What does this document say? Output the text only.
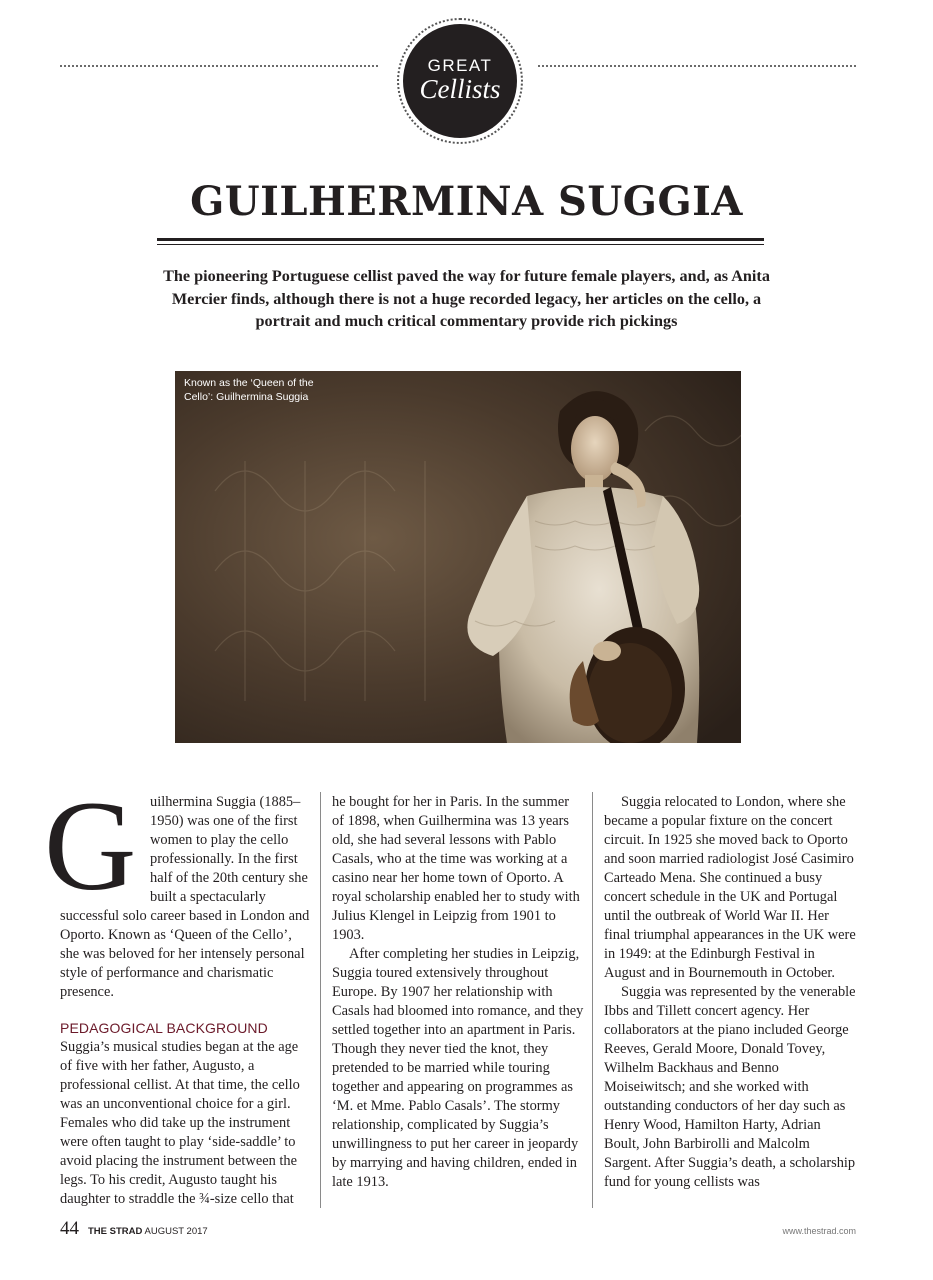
GREAT
Cellists
GUILHERMINA SUGGIA

The pioneering Portuguese cellist paved the way for future female players, and, as Anita Mercier finds, although there is not a huge recorded legacy, her articles on the cello, a portrait and much critical commentary provide rich pickings

Known as the ‘Queen of the Cello’: Guilhermina Suggia

G uilhermina Suggia (1885–1950) was one of the first women to play the cello professionally. In the first half of the 20th century she built a spectacularly successful solo career based in London and Oporto. Known as ‘Queen of the Cello’, she was beloved for her intensely personal style of performance and charismatic presence.
PEDAGOGICAL BACKGROUND
Suggia’s musical studies began at the age of five with her father, Augusto, a professional cellist. At that time, the cello was an unconventional choice for a girl. Females who did take up the instrument were often taught to play ‘side-saddle’ to avoid placing the instrument between the legs. To his credit, Augusto taught his daughter to straddle the ¾-size cello that
he bought for her in Paris. In the summer of 1898, when Guilhermina was 13 years old, she had several lessons with Pablo Casals, who at the time was working at a casino near her home town of Oporto. A royal scholarship enabled her to study with Julius Klengel in Leipzig from 1901 to 1903.
After completing her studies in Leipzig, Suggia toured extensively throughout Europe. By 1907 her relationship with Casals had bloomed into romance, and they settled together into an apartment in Paris. Though they never tied the knot, they pretended to be married while touring together and appearing on programmes as ‘M. et Mme. Pablo Casals’. The stormy relationship, complicated by Suggia’s unwillingness to put her career in jeopardy by marrying and having children, ended in late 1913.
Suggia relocated to London, where she became a popular fixture on the concert circuit. In 1925 she moved back to Oporto and soon married radiologist José Casimiro Carteado Mena. She continued a busy concert schedule in the UK and Portugal until the outbreak of World War II. Her final triumphal appearances in the UK were in 1949: at the Edinburgh Festival in August and in Bournemouth in October.
Suggia was represented by the venerable Ibbs and Tillett concert agency. Her collaborators at the piano included George Reeves, Gerald Moore, Donald Tovey, Wilhelm Backhaus and Benno Moiseiwitsch; and she worked with outstanding conductors of her day such as Henry Wood, Hamilton Harty, Adrian Boult, John Barbirolli and Malcolm Sargent. After Suggia’s death, a scholarship fund for young cellists was
44 THE STRAD AUGUST 2017	www.thestrad.com
